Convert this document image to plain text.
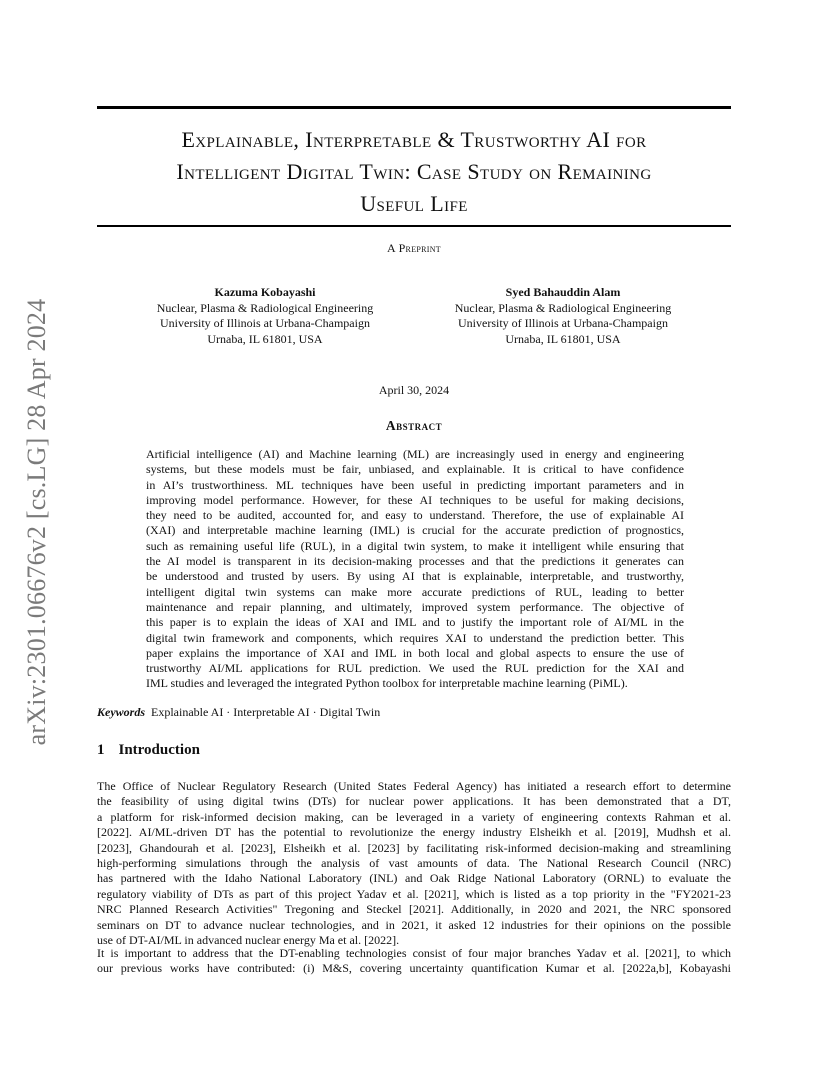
arXiv:2301.06676v2 [cs.LG] 28 Apr 2024
Explainable, Interpretable & Trustworthy AI for
Intelligent Digital Twin: Case Study on Remaining
Useful Life
A Preprint
Kazuma Kobayashi
Nuclear, Plasma & Radiological Engineering
University of Illinois at Urbana-Champaign
Urnaba, IL 61801, USA
Syed Bahauddin Alam
Nuclear, Plasma & Radiological Engineering
University of Illinois at Urbana-Champaign
Urnaba, IL 61801, USA
April 30, 2024
Abstract
Artificial intelligence (AI) and Machine learning (ML) are increasingly used in energy and engineering
systems, but these models must be fair, unbiased, and explainable. It is critical to have confidence
in AI’s trustworthiness. ML techniques have been useful in predicting important parameters and in
improving model performance. However, for these AI techniques to be useful for making decisions,
they need to be audited, accounted for, and easy to understand. Therefore, the use of explainable AI
(XAI) and interpretable machine learning (IML) is crucial for the accurate prediction of prognostics,
such as remaining useful life (RUL), in a digital twin system, to make it intelligent while ensuring that
the AI model is transparent in its decision-making processes and that the predictions it generates can
be understood and trusted by users. By using AI that is explainable, interpretable, and trustworthy,
intelligent digital twin systems can make more accurate predictions of RUL, leading to better
maintenance and repair planning, and ultimately, improved system performance. The objective of
this paper is to explain the ideas of XAI and IML and to justify the important role of AI/ML in the
digital twin framework and components, which requires XAI to understand the prediction better. This
paper explains the importance of XAI and IML in both local and global aspects to ensure the use of
trustworthy AI/ML applications for RUL prediction. We used the RUL prediction for the XAI and
IML studies and leveraged the integrated Python toolbox for interpretable machine learning (PiML).
Keywords Explainable AI · Interpretable AI · Digital Twin
1 Introduction
The Office of Nuclear Regulatory Research (United States Federal Agency) has initiated a research effort to determine
the feasibility of using digital twins (DTs) for nuclear power applications. It has been demonstrated that a DT,
a platform for risk-informed decision making, can be leveraged in a variety of engineering contexts Rahman et al.
[2022]. AI/ML-driven DT has the potential to revolutionize the energy industry Elsheikh et al. [2019], Mudhsh et al.
[2023], Ghandourah et al. [2023], Elsheikh et al. [2023] by facilitating risk-informed decision-making and streamlining
high-performing simulations through the analysis of vast amounts of data. The National Research Council (NRC)
has partnered with the Idaho National Laboratory (INL) and Oak Ridge National Laboratory (ORNL) to evaluate the
regulatory viability of DTs as part of this project Yadav et al. [2021], which is listed as a top priority in the "FY2021-23
NRC Planned Research Activities" Tregoning and Steckel [2021]. Additionally, in 2020 and 2021, the NRC sponsored
seminars on DT to advance nuclear technologies, and in 2021, it asked 12 industries for their opinions on the possible
use of DT-AI/ML in advanced nuclear energy Ma et al. [2022].
It is important to address that the DT-enabling technologies consist of four major branches Yadav et al. [2021], to which
our previous works have contributed: (i) M&S, covering uncertainty quantification Kumar et al. [2022a,b], Kobayashi
